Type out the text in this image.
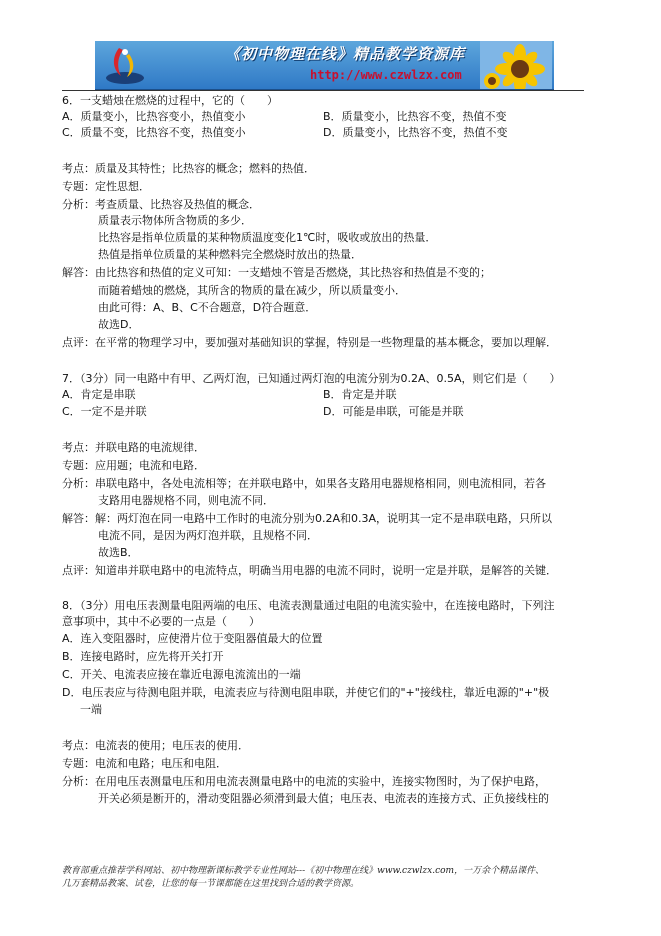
《初中物理在线》精品教学资源库
http://www.czwlzx.com
6．一支蜡烛在燃烧的过程中，它的（　　）
A．质量变小，比热容变小，热值变小	B．质量变小，比热容不变，热值不变
C．质量不变，比热容不变，热值变小	D．质量变小，比热容不变，热值不变
考点：质量及其特性；比热容的概念；燃料的热值．
专题：定性思想．
分析：考查质量、比热容及热值的概念．
质量表示物体所含物质的多少．
比热容是指单位质量的某种物质温度变化1℃时，吸收或放出的热量．
热值是指单位质量的某种燃料完全燃烧时放出的热量．
解答：由比热容和热值的定义可知：一支蜡烛不管是否燃烧，其比热容和热值是不变的；
而随着蜡烛的燃烧，其所含的物质的量在减少，所以质量变小．
由此可得：A、B、C不合题意，D符合题意．
故选D．
点评：在平常的物理学习中，要加强对基础知识的掌握，特别是一些物理量的基本概念，要加以理解．
7．（3分）同一电路中有甲、乙两灯泡，已知通过两灯泡的电流分别为0.2A、0.5A，则它们是（　　）
A．肯定是串联	B．肯定是并联
C．一定不是并联	D．可能是串联，可能是并联
考点：并联电路的电流规律．
专题：应用题；电流和电路．
分析：串联电路中，各处电流相等；在并联电路中，如果各支路用电器规格相同，则电流相同，若各
支路用电器规格不同，则电流不同．
解答：解：两灯泡在同一电路中工作时的电流分别为0.2A和0.3A，说明其一定不是串联电路，只所以
电流不同，是因为两灯泡并联，且规格不同．
故选B．
点评：知道串并联电路中的电流特点，明确当用电器的电流不同时，说明一定是并联，是解答的关键．
8．（3分）用电压表测量电阻两端的电压、电流表测量通过电阻的电流实验中，在连接电路时，下列注
意事项中，其中不必要的一点是（　　）
A．连入变阻器时，应使滑片位于变阻器值最大的位置
B．连接电路时，应先将开关打开
C．开关、电流表应接在靠近电源电流流出的一端
D．电压表应与待测电阻并联，电流表应与待测电阻串联，并使它们的"+"接线柱，靠近电源的"+"极
一端
考点：电流表的使用；电压表的使用．
专题：电流和电路；电压和电阻．
分析：在用电压表测量电压和用电流表测量电路中的电流的实验中，连接实物图时，为了保护电路，
开关必须是断开的，滑动变阻器必须滑到最大值；电压表、电流表的连接方式、正负接线柱的
教育部重点推荐学科网站、初中物理新课标教学专业性网站---《初中物理在线》www.czwlzx.com，一万余个精品课件、
几万套精品教案、试卷，让您的每一节课都能在这里找到合适的教学资源。
